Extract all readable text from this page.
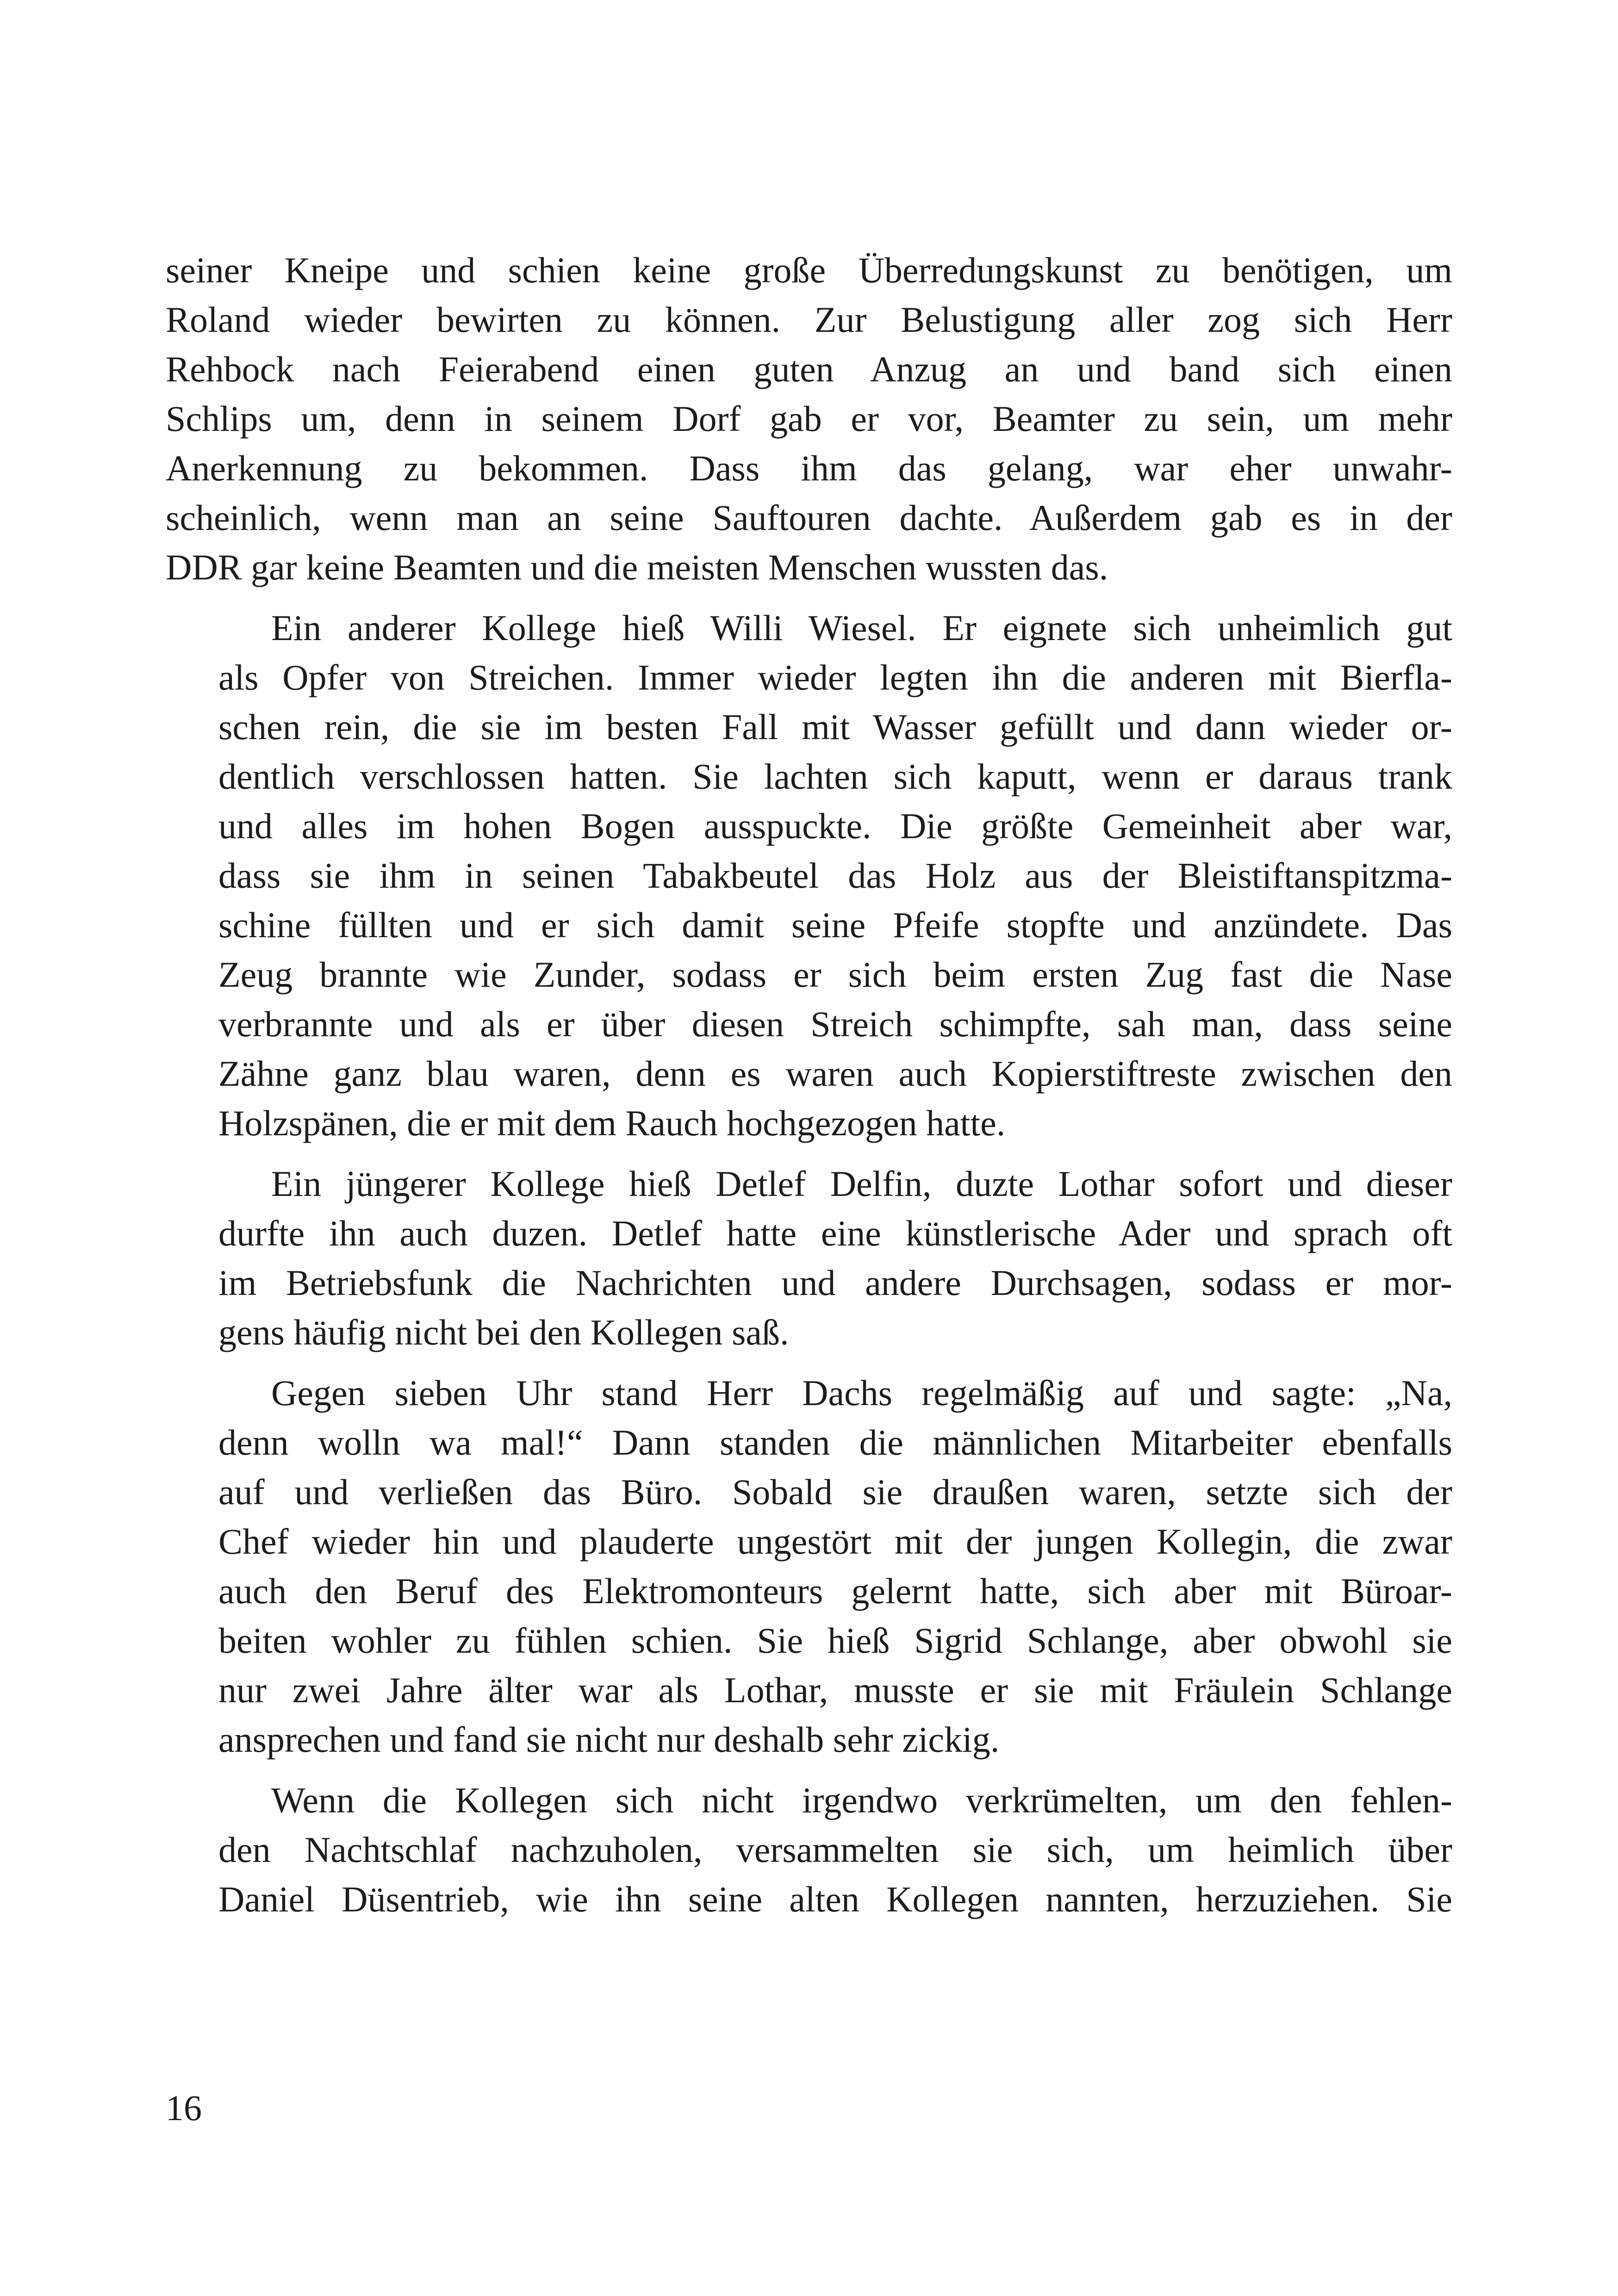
seiner Kneipe und schien keine große Überredungskunst zu benötigen, um
Roland wieder bewirten zu können. Zur Belustigung aller zog sich Herr
Rehbock nach Feierabend einen guten Anzug an und band sich einen
Schlips um, denn in seinem Dorf gab er vor, Beamter zu sein, um mehr
Anerkennung zu bekommen. Dass ihm das gelang, war eher unwahr-
scheinlich, wenn man an seine Sauftouren dachte. Außerdem gab es in der
DDR gar keine Beamten und die meisten Menschen wussten das.

Ein anderer Kollege hieß Willi Wiesel. Er eignete sich unheimlich gut
als Opfer von Streichen. Immer wieder legten ihn die anderen mit Bierfla-
schen rein, die sie im besten Fall mit Wasser gefüllt und dann wieder or-
dentlich verschlossen hatten. Sie lachten sich kaputt, wenn er daraus trank
und alles im hohen Bogen ausspuckte. Die größte Gemeinheit aber war,
dass sie ihm in seinen Tabakbeutel das Holz aus der Bleistiftanspitzma-
schine füllten und er sich damit seine Pfeife stopfte und anzündete. Das
Zeug brannte wie Zunder, sodass er sich beim ersten Zug fast die Nase
verbrannte und als er über diesen Streich schimpfte, sah man, dass seine
Zähne ganz blau waren, denn es waren auch Kopierstiftreste zwischen den
Holzspänen, die er mit dem Rauch hochgezogen hatte.

Ein jüngerer Kollege hieß Detlef Delfin, duzte Lothar sofort und dieser
durfte ihn auch duzen. Detlef hatte eine künstlerische Ader und sprach oft
im Betriebsfunk die Nachrichten und andere Durchsagen, sodass er mor-
gens häufig nicht bei den Kollegen saß.

Gegen sieben Uhr stand Herr Dachs regelmäßig auf und sagte: „Na,
denn wolln wa mal!“ Dann standen die männlichen Mitarbeiter ebenfalls
auf und verließen das Büro. Sobald sie draußen waren, setzte sich der
Chef wieder hin und plauderte ungestört mit der jungen Kollegin, die zwar
auch den Beruf des Elektromonteurs gelernt hatte, sich aber mit Büroar-
beiten wohler zu fühlen schien. Sie hieß Sigrid Schlange, aber obwohl sie
nur zwei Jahre älter war als Lothar, musste er sie mit Fräulein Schlange
ansprechen und fand sie nicht nur deshalb sehr zickig.

Wenn die Kollegen sich nicht irgendwo verkrümelten, um den fehlen-
den Nachtschlaf nachzuholen, versammelten sie sich, um heimlich über
Daniel Düsentrieb, wie ihn seine alten Kollegen nannten, herzuziehen. Sie

16
